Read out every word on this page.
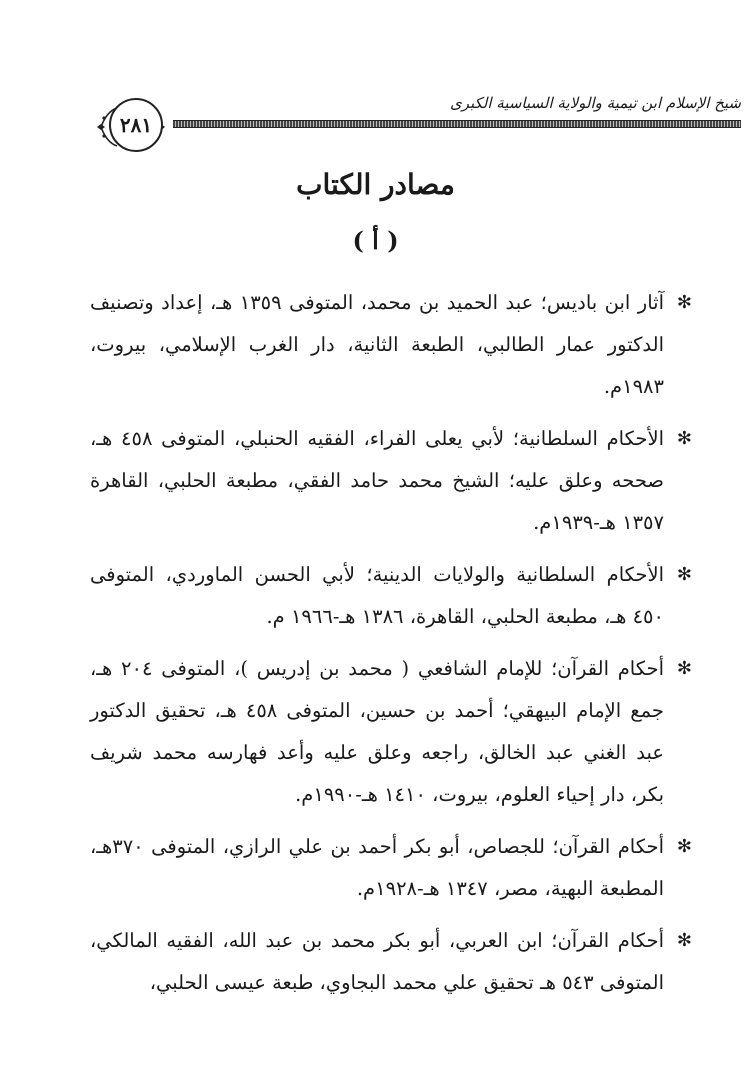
شيخ الإسلام ابن تيمية والولاية السياسية الكبرى
٢٨١
مصادر الكتاب
( أ )
✻
آثار ابن باديس؛ عبد الحميد بن محمد، المتوفى ١٣٥٩ هـ، إعداد وتصنيف الدكتور عمار الطالبي، الطبعة الثانية، دار الغرب الإسلامي، بيروت، ١٩٨٣م.
✻
الأحكام السلطانية؛ لأبي يعلى الفراء، الفقيه الحنبلي، المتوفى ٤٥٨ هـ، صححه وعلق عليه؛ الشيخ محمد حامد الفقي، مطبعة الحلبي، القاهرة ١٣٥٧ هـ-١٩٣٩م.
✻
الأحكام السلطانية والولايات الدينية؛ لأبي الحسن الماوردي، المتوفى ٤٥٠ هـ، مطبعة الحلبي، القاهرة، ١٣٨٦ هـ-١٩٦٦ م.
✻
أحكام القرآن؛ للإمام الشافعي ( محمد بن إدريس )، المتوفى ٢٠٤ هـ، جمع الإمام البيهقي؛ أحمد بن حسين، المتوفى ٤٥٨ هـ، تحقيق الدكتور عبد الغني عبد الخالق، راجعه وعلق عليه وأعد فهارسه محمد شريف بكر، دار إحياء العلوم، بيروت، ١٤١٠ هـ-١٩٩٠م.
✻
أحكام القرآن؛ للجصاص، أبو بكر أحمد بن علي الرازي، المتوفى ٣٧٠هـ، المطبعة البهية، مصر، ١٣٤٧ هـ-١٩٢٨م.
✻
أحكام القرآن؛ ابن العربي، أبو بكر محمد بن عبد الله، الفقيه المالكي، المتوفى ٥٤٣ هـ تحقيق علي محمد البجاوي، طبعة عيسى الحلبي،
